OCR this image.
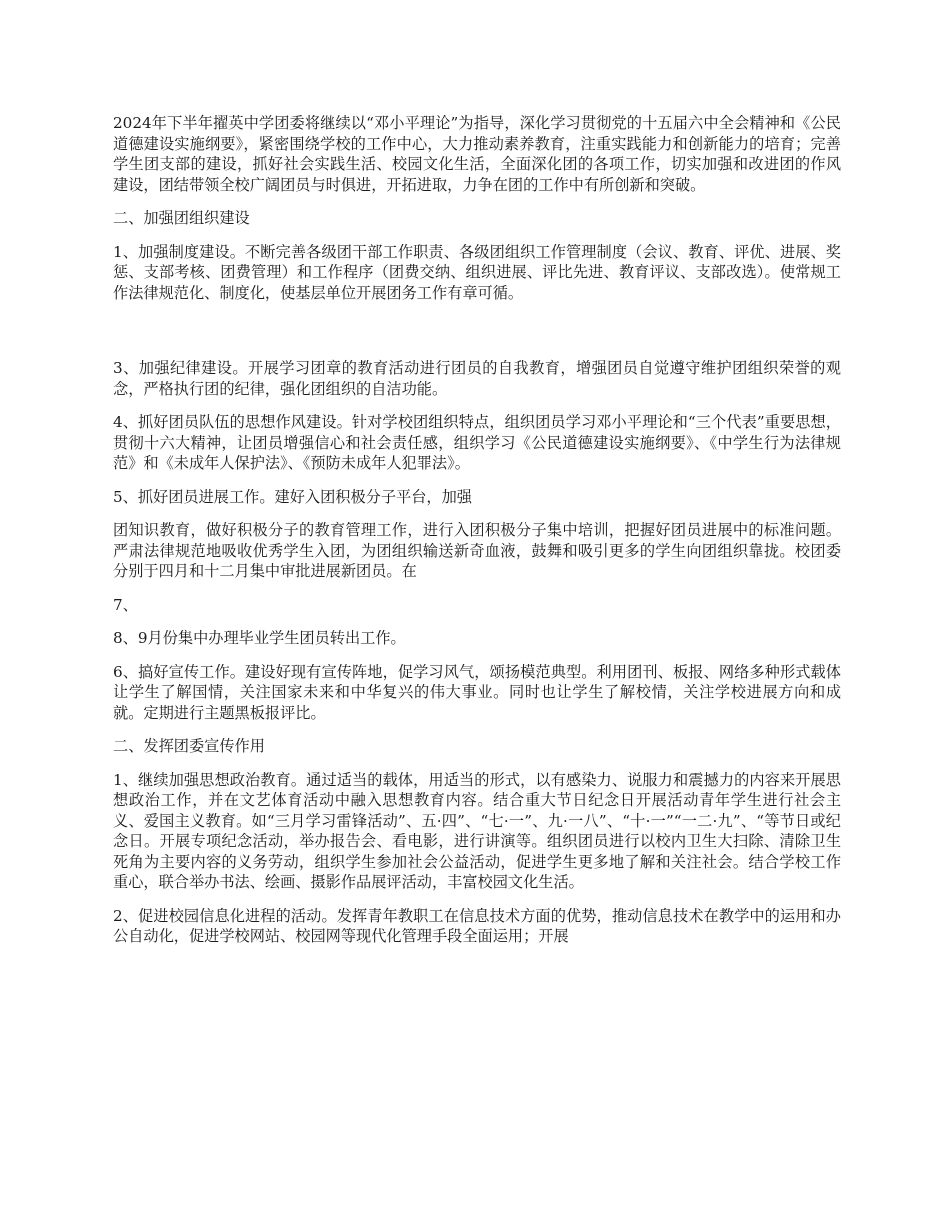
2024年下半年擢英中学团委将继续以“邓小平理论”为指导，深化学习贯彻党的十五届六中全会精神和《公民道德建设实施纲要》，紧密围绕学校的工作中心，大力推动素养教育，注重实践能力和创新能力的培育；完善学生团支部的建设，抓好社会实践生活、校园文化生活，全面深化团的各项工作，切实加强和改进团的作风建设，团结带领全校广阔团员与时俱进，开拓进取，力争在团的工作中有所创新和突破。

二、加强团组织建设

1、加强制度建设。不断完善各级团干部工作职责、各级团组织工作管理制度（会议、教育、评优、进展、奖惩、支部考核、团费管理）和工作程序（团费交纳、组织进展、评比先进、教育评议、支部改选）。使常规工作法律规范化、制度化，使基层单位开展团务工作有章可循。

3、加强纪律建设。开展学习团章的教育活动进行团员的自我教育，增强团员自觉遵守维护团组织荣誉的观念，严格执行团的纪律，强化团组织的自洁功能。

4、抓好团员队伍的思想作风建设。针对学校团组织特点，组织团员学习邓小平理论和“三个代表”重要思想，贯彻十六大精神，让团员增强信心和社会责任感，组织学习《公民道德建设实施纲要》、《中学生行为法律规范》和《未成年人保护法》、《预防未成年人犯罪法》。

5、抓好团员进展工作。建好入团积极分子平台，加强

团知识教育，做好积极分子的教育管理工作，进行入团积极分子集中培训，把握好团员进展中的标准问题。严肃法律规范地吸收优秀学生入团，为团组织输送新奇血液，鼓舞和吸引更多的学生向团组织靠拢。校团委分别于四月和十二月集中审批进展新团员。在

7、

8、9月份集中办理毕业学生团员转出工作。

6、搞好宣传工作。建设好现有宣传阵地，促学习风气，颂扬模范典型。利用团刊、板报、网络多种形式载体让学生了解国情，关注国家未来和中华复兴的伟大事业。同时也让学生了解校情，关注学校进展方向和成就。定期进行主题黑板报评比。

二、发挥团委宣传作用

1、继续加强思想政治教育。通过适当的载体，用适当的形式，以有感染力、说服力和震撼力的内容来开展思想政治工作，并在文艺体育活动中融入思想教育内容。结合重大节日纪念日开展活动青年学生进行社会主义、爱国主义教育。如“三月学习雷锋活动”、五·四”、“七·一”、九·一八”、“十·一”“一二·九”、“等节日或纪念日。开展专项纪念活动，举办报告会、看电影，进行讲演等。组织团员进行以校内卫生大扫除、清除卫生死角为主要内容的义务劳动，组织学生参加社会公益活动，促进学生更多地了解和关注社会。结合学校工作重心，联合举办书法、绘画、摄影作品展评活动，丰富校园文化生活。

2、促进校园信息化进程的活动。发挥青年教职工在信息技术方面的优势，推动信息技术在教学中的运用和办公自动化，促进学校网站、校园网等现代化管理手段全面运用；开展
